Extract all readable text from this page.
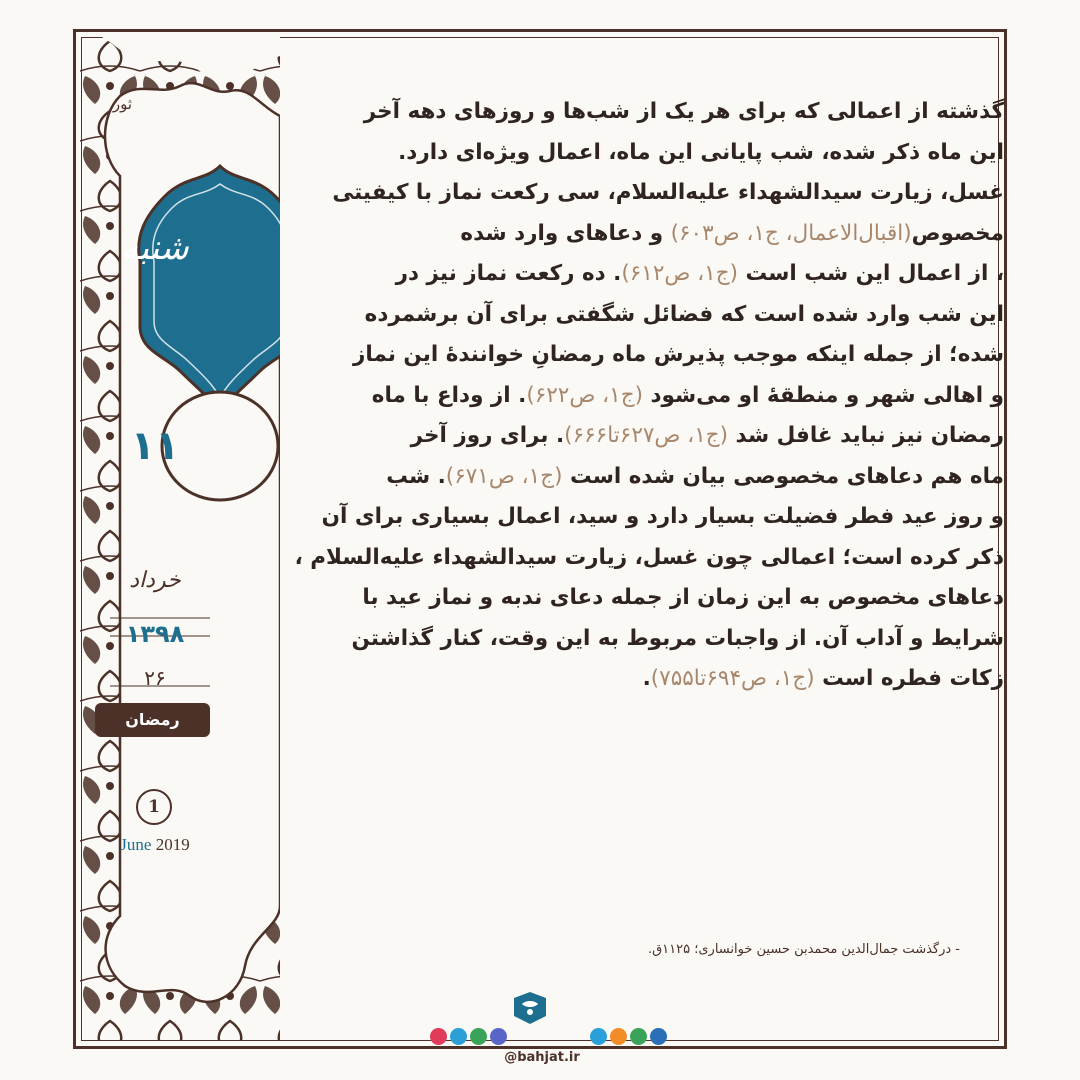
ثور
شنبه
۱۱
خرداد
۱۳۹۸
۲۶
رمضان
1
June 2019
گذشته از اعمالی که برای هر یک از شب‌ها و روزهای دهه آخر
این ماه ذکر شده، شب پایانی این ماه، اعمال ویژه‌ای دارد.
غسل، زیارت سیدالشهداء علیه‌السلام، سی رکعت نماز با کیفیتی
مخصوص(اقبال‌الاعمال، ج۱، ص۶۰۳) و دعاهای وارد شده
، از اعمال این شب است (ج۱، ص۶۱۲). ده رکعت نماز نیز در
این شب وارد شده است که فضائل شگفتی برای آن برشمرده
شده؛ از جمله اینکه موجب پذیرش ماه رمضانِ خوانندۀ این نماز
و اهالی شهر و منطقۀ او می‌شود (ج۱، ص۶۲۲). از وداع با ماه
رمضان نیز نباید غافل شد (ج۱، ص۶۲۷تا۶۶۶). برای روز آخر
ماه هم دعاهای مخصوصی بیان شده است (ج۱، ص۶۷۱). شب
و روز عید فطر فضیلت بسیار دارد و سید، اعمال بسیاری برای آن
ذکر کرده است؛ اعمالی چون غسل، زیارت سیدالشهداء علیه‌السلام ،
دعاهای مخصوص به این زمان از جمله دعای ندبه و نماز عید با
شرایط و آداب آن. از واجبات مربوط به این وقت، کنار گذاشتن
زکات فطره است (ج۱، ص۶۹۴تا۷۵۵).
- درگذشت جمال‌الدین محمدبن حسین خوانساری؛ ۱۱۲۵ق.
@bahjat.ir
